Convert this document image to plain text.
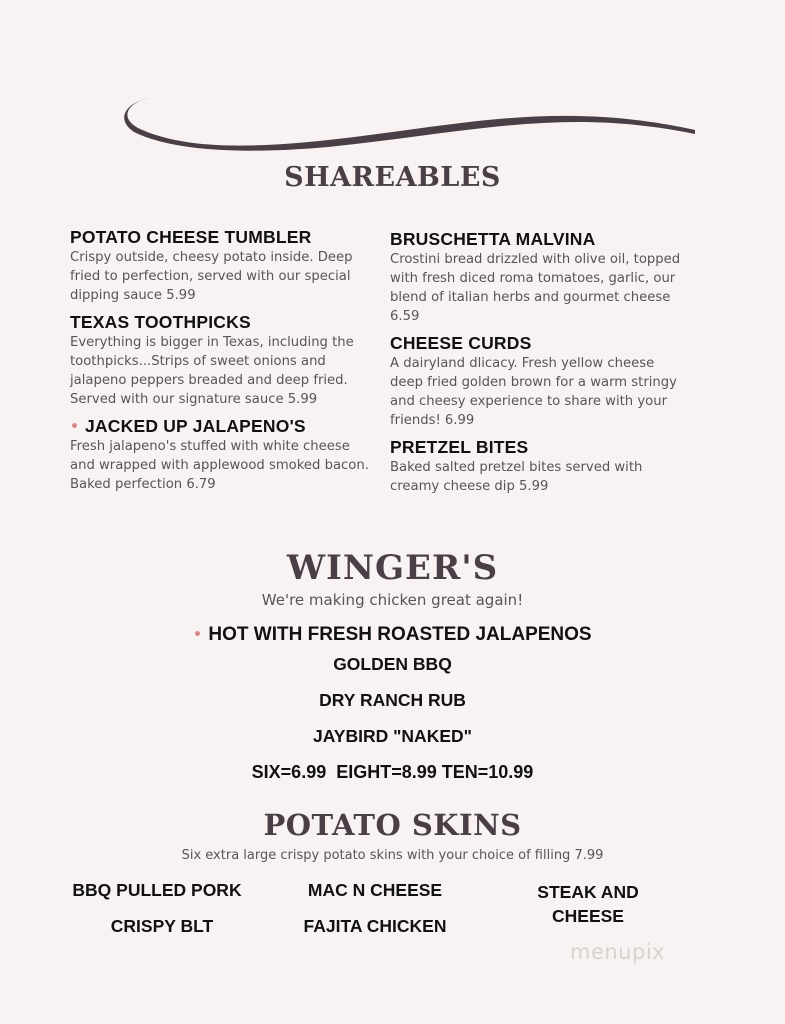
SHAREABLES
POTATO CHEESE TUMBLER
Crispy outside, cheesy potato inside. Deep fried to perfection, served with our special dipping sauce 5.99
TEXAS TOOTHPICKS
Everything is bigger in Texas, including the toothpicks...Strips of sweet onions and jalapeno peppers breaded and deep fried. Served with our signature sauce 5.99
JACKED UP JALAPENO'S
Fresh jalapeno's stuffed with white cheese and wrapped with applewood smoked bacon. Baked perfection 6.79
BRUSCHETTA MALVINA
Crostini bread drizzled with olive oil, topped with fresh diced roma tomatoes, garlic, our blend of italian herbs and gourmet cheese 6.59
CHEESE CURDS
A dairyland dlicacy. Fresh yellow cheese deep fried golden brown for a warm stringy and cheesy experience to share with your friends! 6.99
PRETZEL BITES
Baked salted pretzel bites served with creamy cheese dip 5.99
WINGER'S
We're making chicken great again!
HOT WITH FRESH ROASTED JALAPENOS
GOLDEN BBQ
DRY RANCH RUB
JAYBIRD "NAKED"
SIX=6.99  EIGHT=8.99 TEN=10.99
POTATO SKINS
Six extra large crispy potato skins with your choice of filling 7.99
BBQ PULLED PORK	MAC N CHEESE	STEAK AND CHEESE
CRISPY BLT	FAJITA CHICKEN
menupix
